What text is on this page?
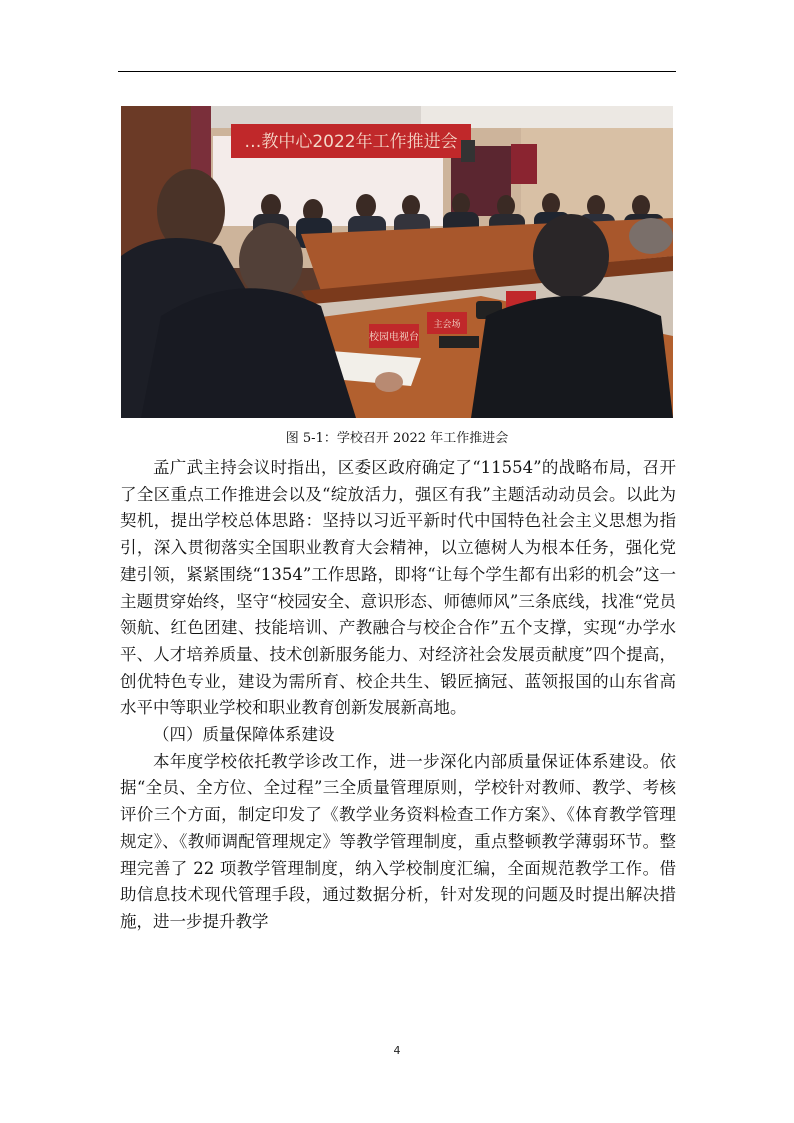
…教中心2022年工作推进会
校园电视台
主会场
图 5-1：学校召开 2022 年工作推进会

孟广武主持会议时指出，区委区政府确定了“11554”的战略布局，召开了全区重点工作推进会以及“绽放活力，强区有我”主题活动动员会。以此为契机，提出学校总体思路：坚持以习近平新时代中国特色社会主义思想为指引，深入贯彻落实全国职业教育大会精神，以立德树人为根本任务，强化党建引领，紧紧围绕“1354”工作思路，即将“让每个学生都有出彩的机会”这一主题贯穿始终，坚守“校园安全、意识形态、师德师风”三条底线，找准“党员领航、红色团建、技能培训、产教融合与校企合作”五个支撑，实现“办学水平、人才培养质量、技术创新服务能力、对经济社会发展贡献度”四个提高，创优特色专业，建设为需所育、校企共生、锻匠摘冠、蓝领报国的山东省高水平中等职业学校和职业教育创新发展新高地。

（四）质量保障体系建设

本年度学校依托教学诊改工作，进一步深化内部质量保证体系建设。依据“全员、全方位、全过程”三全质量管理原则，学校针对教师、教学、考核评价三个方面，制定印发了《教学业务资料检查工作方案》、《体育教学管理规定》、《教师调配管理规定》等教学管理制度，重点整顿教学薄弱环节。整理完善了 22 项教学管理制度，纳入学校制度汇编，全面规范教学工作。借助信息技术现代管理手段，通过数据分析，针对发现的问题及时提出解决措施，进一步提升教学

4
